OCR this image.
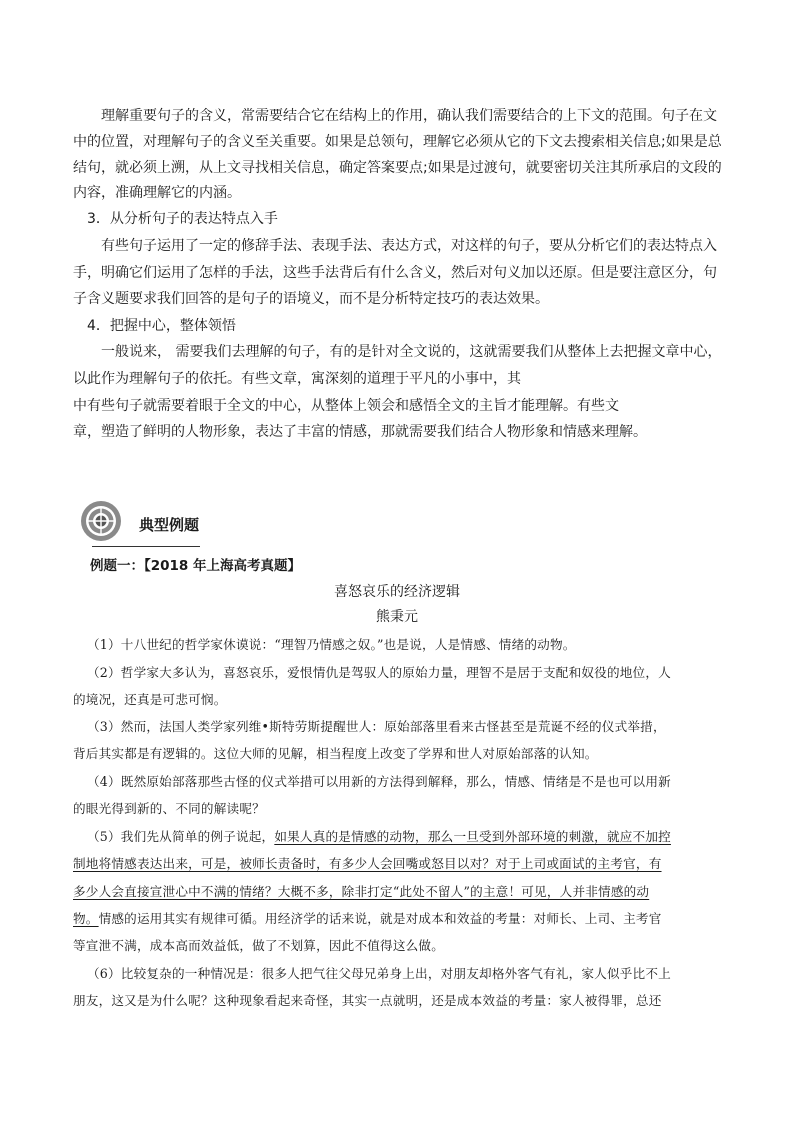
理解重要句子的含义，常需要结合它在结构上的作用，确认我们需要结合的上下文的范围。句子在文
中的位置，对理解句子的含义至关重要。如果是总领句，理解它必须从它的下文去搜索相关信息;如果是总
结句，就必须上溯，从上文寻找相关信息，确定答案要点;如果是过渡句，就要密切关注其所承启的文段的
内容，准确理解它的内涵。
3．从分析句子的表达特点入手
有些句子运用了一定的修辞手法、表现手法、表达方式，对这样的句子，要从分析它们的表达特点入
手，明确它们运用了怎样的手法，这些手法背后有什么含义，然后对句义加以还原。但是要注意区分，句
子含义题要求我们回答的是句子的语境义，而不是分析特定技巧的表达效果。
4．把握中心，整体领悟
一般说来， 需要我们去理解的句子，有的是针对全文说的，这就需要我们从整体上去把握文章中心，
以此作为理解句子的依托。有些文章，寓深刻的道理于平凡的小事中，其
中有些句子就需要着眼于全文的中心，从整体上领会和感悟全文的主旨才能理解。有些文
章，塑造了鲜明的人物形象，表达了丰富的情感，那就需要我们结合人物形象和情感来理解。
典型例题
例题一：【2018 年上海高考真题】
喜怒哀乐的经济逻辑
熊秉元
（1）十八世纪的哲学家休谟说：“理智乃情感之奴。”也是说，人是情感、情绪的动物。
（2）哲学家大多认为，喜怒哀乐，爱恨情仇是驾驭人的原始力量，理智不是居于支配和奴役的地位，人
的境况，还真是可悲可悯。
（3）然而，法国人类学家列维•斯特劳斯提醒世人：原始部落里看来古怪甚至是荒诞不经的仪式举措，
背后其实都是有逻辑的。这位大师的见解，相当程度上改变了学界和世人对原始部落的认知。
（4）既然原始部落那些古怪的仪式举措可以用新的方法得到解释，那么，情感、情绪是不是也可以用新
的眼光得到新的、不同的解读呢？
（5）我们先从简单的例子说起，如果人真的是情感的动物，那么一旦受到外部环境的刺激，就应不加控
制地将情感表达出来，可是，被师长责备时，有多少人会回嘴或怒目以对？对于上司或面试的主考官，有
多少人会直接宣泄心中不满的情绪？大概不多，除非打定“此处不留人”的主意！可见，人并非情感的动
物。情感的运用其实有规律可循。用经济学的话来说，就是对成本和效益的考量：对师长、上司、主考官
等宣泄不满，成本高而效益低，做了不划算，因此不值得这么做。
（6）比较复杂的一种情况是：很多人把气往父母兄弟身上出，对朋友却格外客气有礼，家人似乎比不上
朋友，这又是为什么呢？这种现象看起来奇怪，其实一点就明，还是成本效益的考量：家人被得罪，总还
